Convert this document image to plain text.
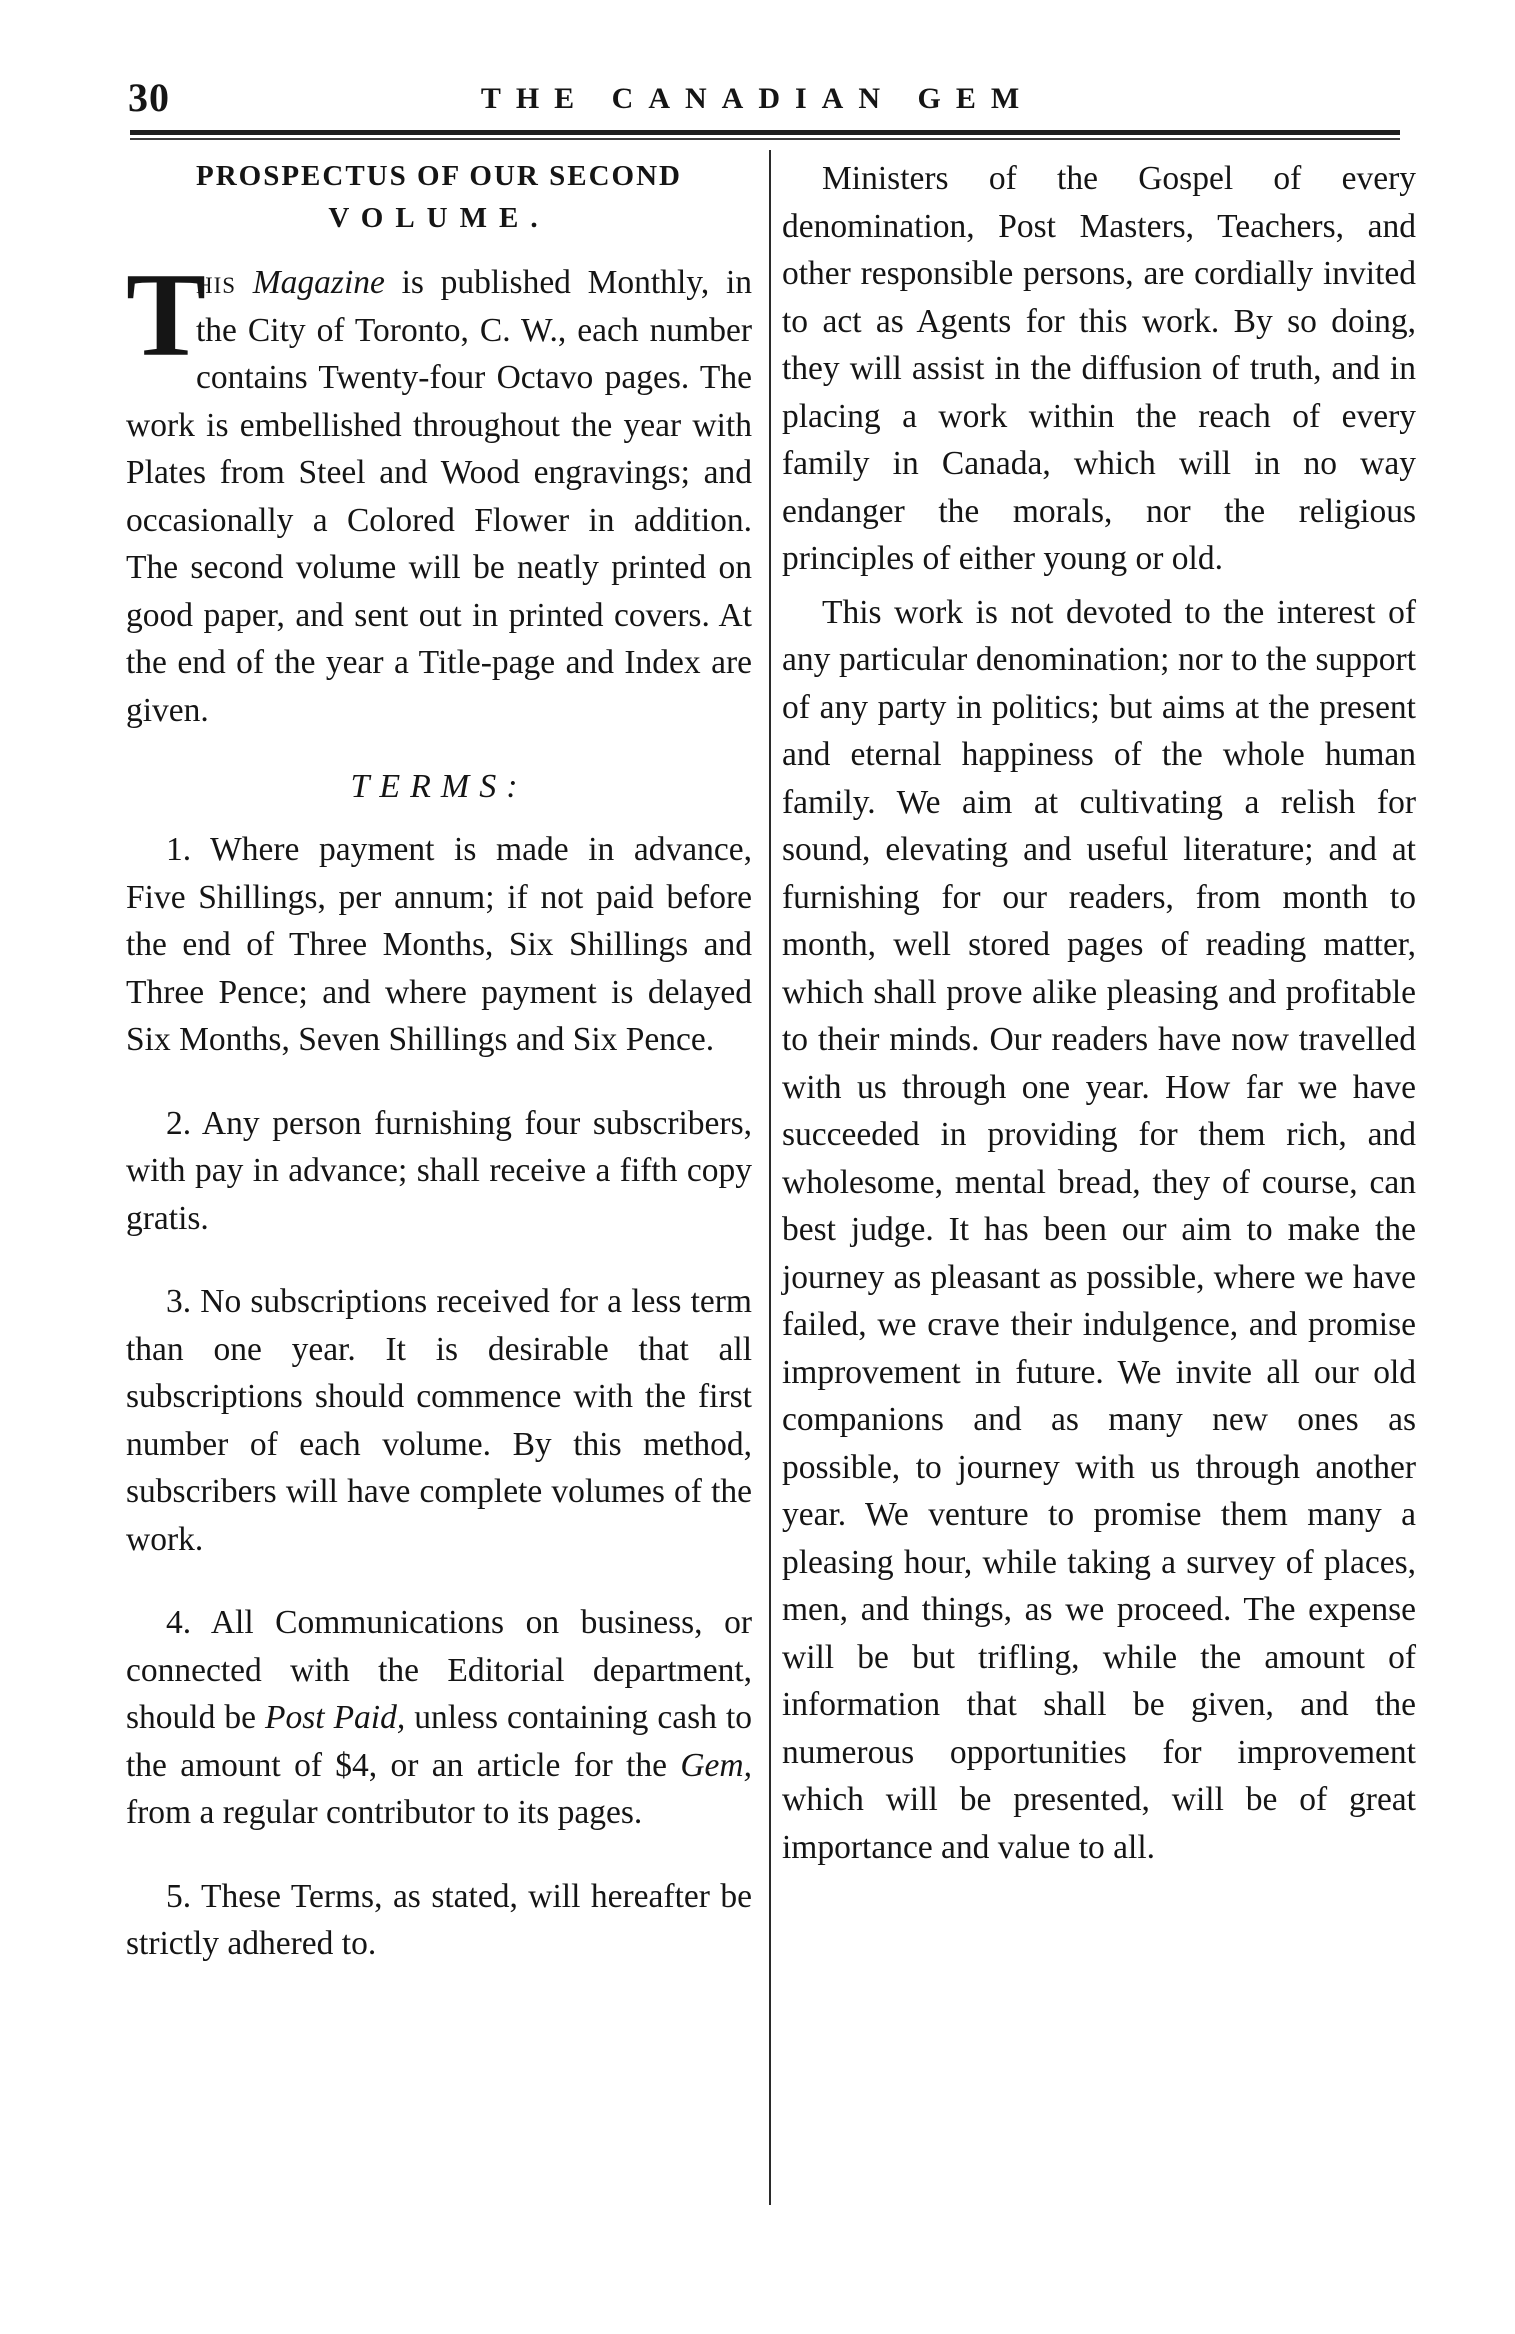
30	THE CANADIAN GEM
PROSPECTUS OF OUR SECOND
VOLUME.
T

his Magazine is published Monthly, in the City of Toronto, C. W., each number contains Twenty-four Octavo pages. The work is embellished throughout the year with Plates from Steel and Wood engravings; and occasionally a Colored Flower in addition. The second volume will be neatly printed on good paper, and sent out in printed covers. At the end of the year a Title-page and Index are given.

TERMS:

1. Where payment is made in advance, Five Shillings, per annum; if not paid before the end of Three Months, Six Shillings and Three Pence; and where payment is delayed Six Months, Seven Shillings and Six Pence.

2. Any person furnishing four subscribers, with pay in advance; shall receive a fifth copy gratis.

3. No subscriptions received for a less term than one year. It is desirable that all subscriptions should commence with the first number of each volume. By this method, subscribers will have complete volumes of the work.

4. All Communications on business, or connected with the Editorial department, should be Post Paid, unless containing cash to the amount of $4, or an article for the Gem, from a regular contributor to its pages.

5. These Terms, as stated, will hereafter be strictly adhered to.

Ministers of the Gospel of every denomination, Post Masters, Teachers, and other responsible persons, are cordially invited to act as Agents for this work. By so doing, they will assist in the diffusion of truth, and in placing a work within the reach of every family in Canada, which will in no way endanger the morals, nor the religious principles of either young or old.

This work is not devoted to the interest of any particular denomination; nor to the support of any party in politics; but aims at the present and eternal happiness of the whole human family. We aim at cultivating a relish for sound, elevating and useful literature; and at furnishing for our readers, from month to month, well stored pages of reading matter, which shall prove alike pleasing and profitable to their minds. Our readers have now travelled with us through one year. How far we have succeeded in providing for them rich, and wholesome, mental bread, they of course, can best judge. It has been our aim to make the journey as pleasant as possible, where we have failed, we crave their indulgence, and promise improvement in future. We invite all our old companions and as many new ones as possible, to journey with us through another year. We venture to promise them many a pleasing hour, while taking a survey of places, men, and things, as we proceed. The expense will be but trifling, while the amount of information that shall be given, and the numerous opportunities for improvement which will be presented, will be of great importance and value to all.
